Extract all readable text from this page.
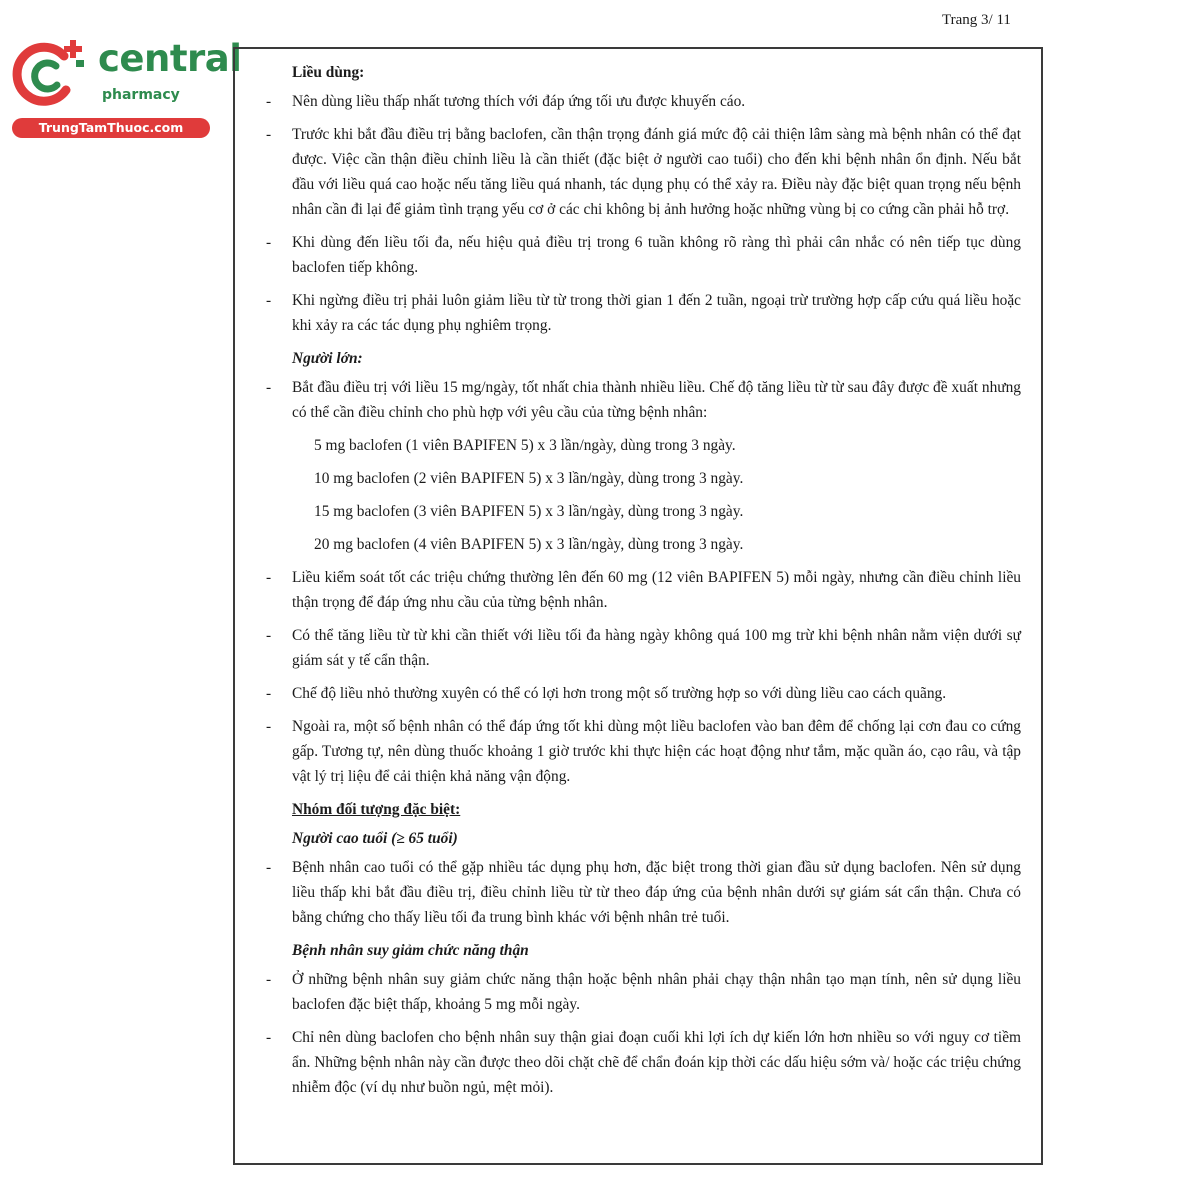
central
pharmacy
TrungTamThuoc.com
Trang 3/ 11
Liều dùng:
- Nên dùng liều thấp nhất tương thích với đáp ứng tối ưu được khuyến cáo.
- Trước khi bắt đầu điều trị bằng baclofen, cần thận trọng đánh giá mức độ cải thiện lâm sàng mà bệnh nhân có thể đạt được. Việc cần thận điều chỉnh liều là cần thiết (đặc biệt ở người cao tuổi) cho đến khi bệnh nhân ổn định. Nếu bắt đầu với liều quá cao hoặc nếu tăng liều quá nhanh, tác dụng phụ có thể xảy ra. Điều này đặc biệt quan trọng nếu bệnh nhân cần đi lại để giảm tình trạng yếu cơ ở các chi không bị ảnh hưởng hoặc những vùng bị co cứng cần phải hỗ trợ.
- Khi dùng đến liều tối đa, nếu hiệu quả điều trị trong 6 tuần không rõ ràng thì phải cân nhắc có nên tiếp tục dùng baclofen tiếp không.
- Khi ngừng điều trị phải luôn giảm liều từ từ trong thời gian 1 đến 2 tuần, ngoại trừ trường hợp cấp cứu quá liều hoặc khi xảy ra các tác dụng phụ nghiêm trọng.
Người lớn:
- Bắt đầu điều trị với liều 15 mg/ngày, tốt nhất chia thành nhiều liều. Chế độ tăng liều từ từ sau đây được đề xuất nhưng có thể cần điều chỉnh cho phù hợp với yêu cầu của từng bệnh nhân:
5 mg baclofen (1 viên BAPIFEN 5) x 3 lần/ngày, dùng trong 3 ngày.
10 mg baclofen (2 viên BAPIFEN 5) x 3 lần/ngày, dùng trong 3 ngày.
15 mg baclofen (3 viên BAPIFEN 5) x 3 lần/ngày, dùng trong 3 ngày.
20 mg baclofen (4 viên BAPIFEN 5) x 3 lần/ngày, dùng trong 3 ngày.
- Liều kiểm soát tốt các triệu chứng thường lên đến 60 mg (12 viên BAPIFEN 5) mỗi ngày, nhưng cần điều chỉnh liều thận trọng để đáp ứng nhu cầu của từng bệnh nhân.
- Có thể tăng liều từ từ khi cần thiết với liều tối đa hàng ngày không quá 100 mg trừ khi bệnh nhân nằm viện dưới sự giám sát y tế cẩn thận.
- Chế độ liều nhỏ thường xuyên có thể có lợi hơn trong một số trường hợp so với dùng liều cao cách quãng.
- Ngoài ra, một số bệnh nhân có thể đáp ứng tốt khi dùng một liều baclofen vào ban đêm để chống lại cơn đau co cứng gấp. Tương tự, nên dùng thuốc khoảng 1 giờ trước khi thực hiện các hoạt động như tắm, mặc quần áo, cạo râu, và tập vật lý trị liệu để cải thiện khả năng vận động.
Nhóm đối tượng đặc biệt:
Người cao tuổi (≥ 65 tuổi)
- Bệnh nhân cao tuổi có thể gặp nhiều tác dụng phụ hơn, đặc biệt trong thời gian đầu sử dụng baclofen. Nên sử dụng liều thấp khi bắt đầu điều trị, điều chỉnh liều từ từ theo đáp ứng của bệnh nhân dưới sự giám sát cẩn thận. Chưa có bằng chứng cho thấy liều tối đa trung bình khác với bệnh nhân trẻ tuổi.
Bệnh nhân suy giảm chức năng thận
- Ở những bệnh nhân suy giảm chức năng thận hoặc bệnh nhân phải chạy thận nhân tạo mạn tính, nên sử dụng liều baclofen đặc biệt thấp, khoảng 5 mg mỗi ngày.
- Chỉ nên dùng baclofen cho bệnh nhân suy thận giai đoạn cuối khi lợi ích dự kiến lớn hơn nhiều so với nguy cơ tiềm ẩn. Những bệnh nhân này cần được theo dõi chặt chẽ để chẩn đoán kịp thời các dấu hiệu sớm và/ hoặc các triệu chứng nhiễm độc (ví dụ như buồn ngủ, mệt mỏi).
